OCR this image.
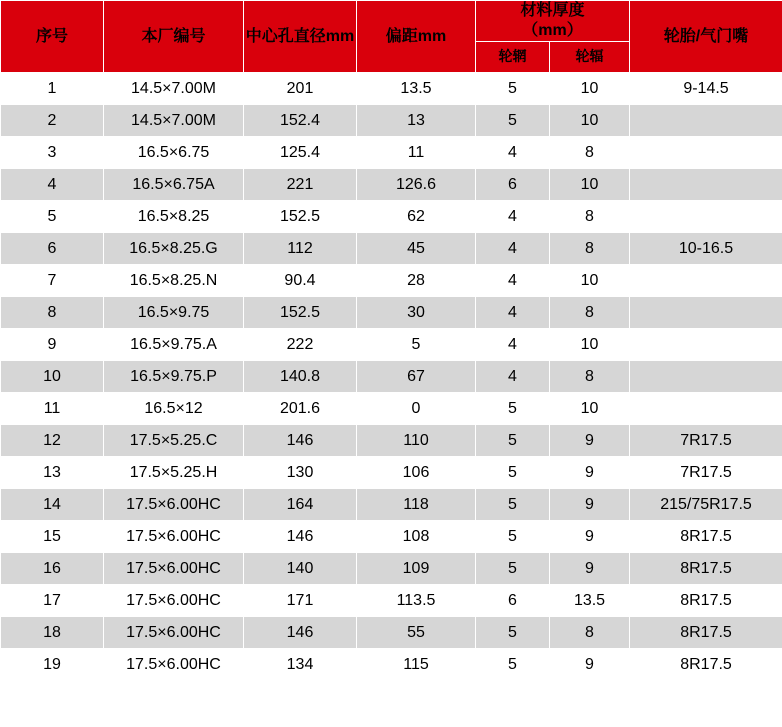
序号	本厂编号	中心孔直径mm	偏距mm	材料厚度
（mm）		轮胎/气门嘴
				轮辋	轮辐	
1	14.5×7.00M	201	13.5	5	10	9-14.5
2	14.5×7.00M	152.4	13	5	10	
3	16.5×6.75	125.4	11	4	8	
4	16.5×6.75A	221	126.6	6	10	
5	16.5×8.25	152.5	62	4	8	
6	16.5×8.25.G	112	45	4	8	10-16.5
7	16.5×8.25.N	90.4	28	4	10	
8	16.5×9.75	152.5	30	4	8	
9	16.5×9.75.A	222	5	4	10	
10	16.5×9.75.P	140.8	67	4	8	
11	16.5×12	201.6	0	5	10	
12	17.5×5.25.C	146	110	5	9	7R17.5
13	17.5×5.25.H	130	106	5	9	7R17.5
14	17.5×6.00HC	164	118	5	9	215/75R17.5
15	17.5×6.00HC	146	108	5	9	8R17.5
16	17.5×6.00HC	140	109	5	9	8R17.5
17	17.5×6.00HC	171	113.5	6	13.5	8R17.5
18	17.5×6.00HC	146	55	5	8	8R17.5
19	17.5×6.00HC	134	115	5	9	8R17.5
